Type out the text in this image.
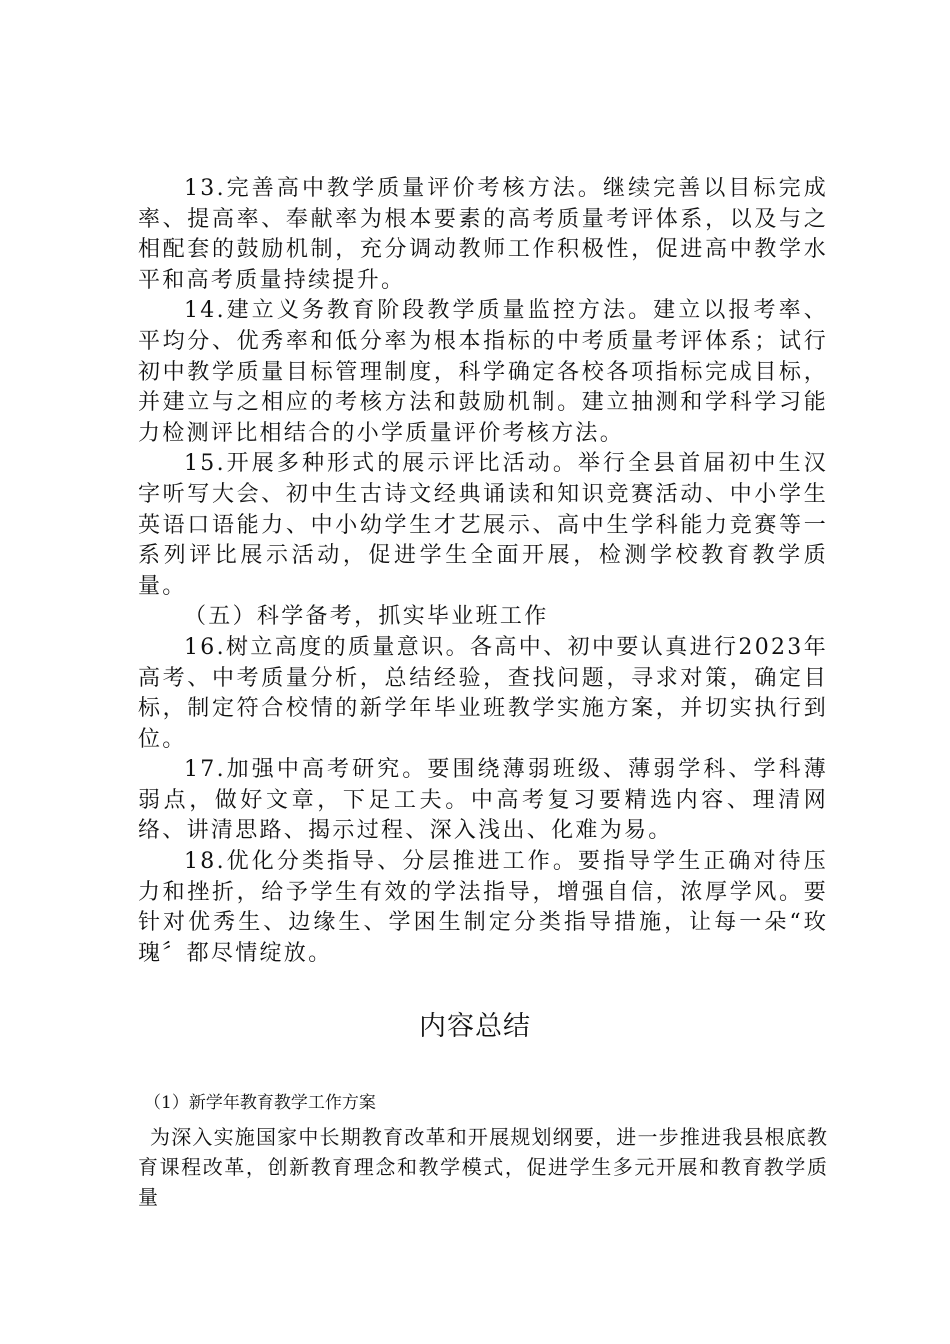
13.完善高中教学质量评价考核方法。继续完善以目标完成率、提高率、奉献率为根本要素的高考质量考评体系，以及与之相配套的鼓励机制，充分调动教师工作积极性，促进高中教学水平和高考质量持续提升。

14.建立义务教育阶段教学质量监控方法。建立以报考率、平均分、优秀率和低分率为根本指标的中考质量考评体系；试行初中教学质量目标管理制度，科学确定各校各项指标完成目标，并建立与之相应的考核方法和鼓励机制。建立抽测和学科学习能力检测评比相结合的小学质量评价考核方法。

15.开展多种形式的展示评比活动。举行全县首届初中生汉字听写大会、初中生古诗文经典诵读和知识竞赛活动、中小学生英语口语能力、中小幼学生才艺展示、高中生学科能力竞赛等一系列评比展示活动，促进学生全面开展，检测学校教育教学质量。

（五）科学备考，抓实毕业班工作

16.树立高度的质量意识。各高中、初中要认真进行2023年高考、中考质量分析，总结经验，查找问题，寻求对策，确定目标，制定符合校情的新学年毕业班教学实施方案，并切实执行到位。

17.加强中高考研究。要围绕薄弱班级、薄弱学科、学科薄弱点，做好文章，下足工夫。中高考复习要精选内容、理清网络、讲清思路、揭示过程、深入浅出、化难为易。

18.优化分类指导、分层推进工作。要指导学生正确对待压力和挫折，给予学生有效的学法指导，增强自信，浓厚学风。要针对优秀生、边缘生、学困生制定分类指导措施，让每一朵“玫瑰〞都尽情绽放。

内容总结

（1）新学年教育教学工作方案

为深入实施国家中长期教育改革和开展规划纲要，进一步推进我县根底教育课程改革，创新教育理念和教学模式，促进学生多元开展和教育教学质量
